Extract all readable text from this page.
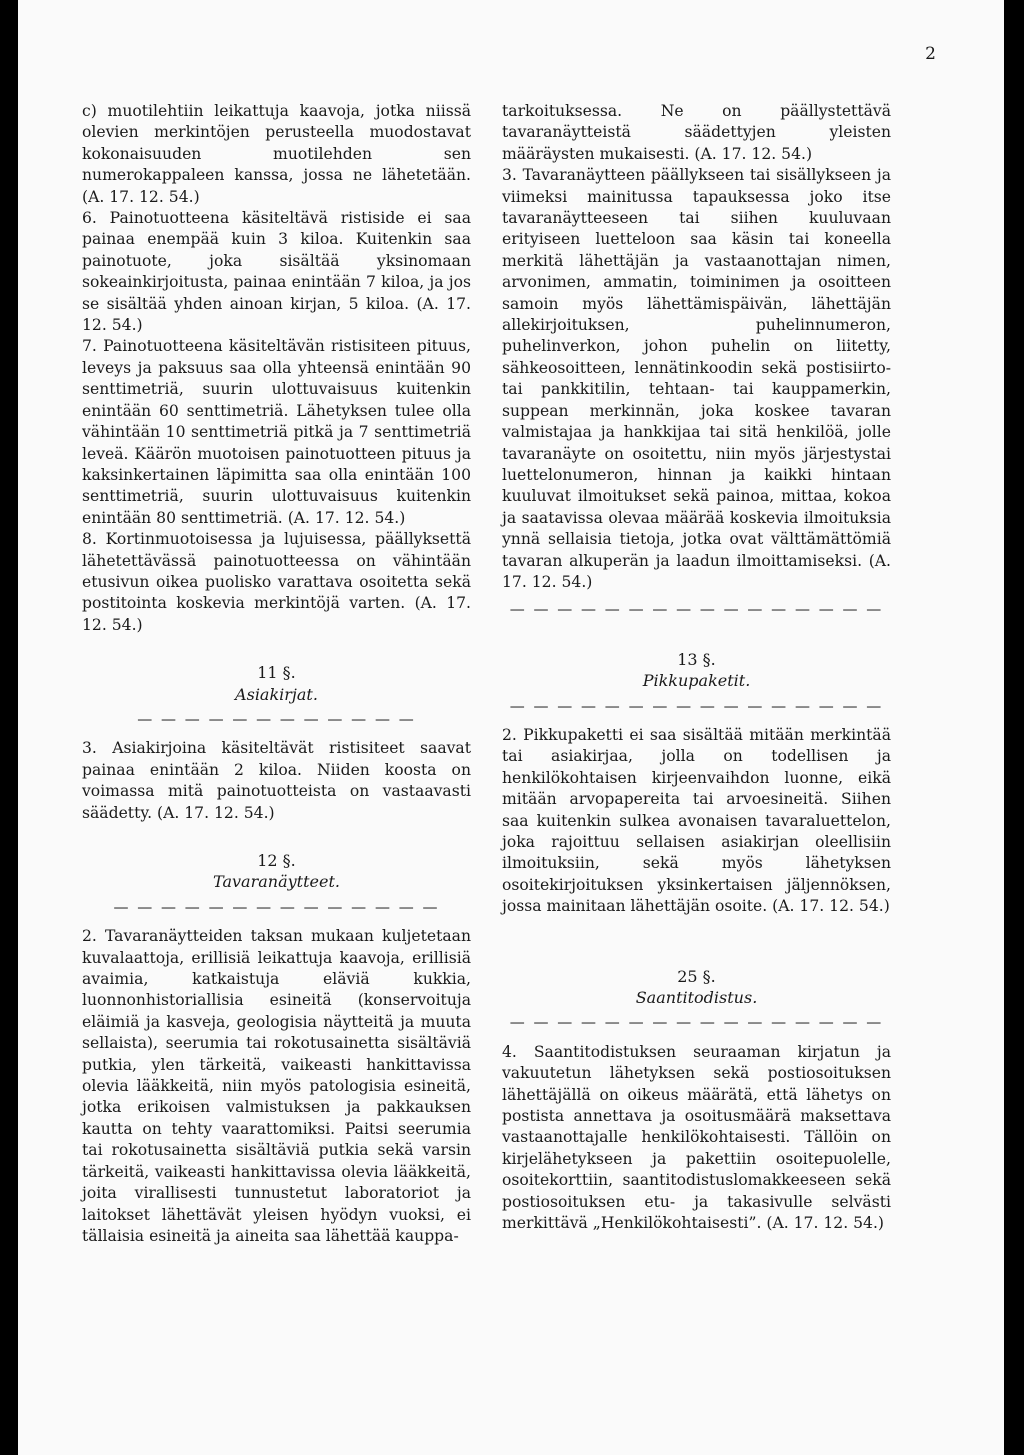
2

c) muotilehtiin leikattuja kaavoja, jotka niissä olevien merkintöjen perusteella muodostavat kokonaisuuden muotilehden sen numerokappaleen kanssa, jossa ne lähetetään. (A. 17. 12. 54.)

6. Painotuotteena käsiteltävä ristiside ei saa painaa enempää kuin 3 kiloa. Kuitenkin saa painotuote, joka sisältää yksinomaan sokeainkirjoitusta, painaa enintään 7 kiloa, ja jos se sisältää yhden ainoan kirjan, 5 kiloa. (A. 17. 12. 54.)

7. Painotuotteena käsiteltävän ristisiteen pituus, leveys ja paksuus saa olla yhteensä enintään 90 senttimetriä, suurin ulottuvaisuus kuitenkin enintään 60 senttimetriä. Lähetyksen tulee olla vähintään 10 senttimetriä pitkä ja 7 senttimetriä leveä. Käärön muotoisen painotuotteen pituus ja kaksinkertainen läpimitta saa olla enintään 100 senttimetriä, suurin ulottuvaisuus kuitenkin enintään 80 senttimetriä. (A. 17. 12. 54.)

8. Kortinmuotoisessa ja lujuisessa, päällyksettä lähetettävässä painotuotteessa on vähintään etusivun oikea puolisko varattava osoitetta sekä postitointa koskevia merkintöjä varten. (A. 17. 12. 54.)

11 §.
Asiakirjat.
— — — — — — — — — — — —

3. Asiakirjoina käsiteltävät ristisiteet saavat painaa enintään 2 kiloa. Niiden koosta on voimassa mitä painotuotteista on vastaavasti säädetty. (A. 17. 12. 54.)

12 §.
Tavaranäytteet.
— — — — — — — — — — — — — —

2. Tavaranäytteiden taksan mukaan kuljetetaan kuvalaattoja, erillisiä leikattuja kaavoja, erillisiä avaimia, katkaistuja eläviä kukkia, luonnonhistoriallisia esineitä (konservoituja eläimiä ja kasveja, geologisia näytteitä ja muuta sellaista), seerumia tai rokotusainetta sisältäviä putkia, ylen tärkeitä, vaikeasti hankittavissa olevia lääkkeitä, niin myös patologisia esineitä, jotka erikoisen valmistuksen ja pakkauksen kautta on tehty vaarattomiksi. Paitsi seerumia tai rokotusainetta sisältäviä putkia sekä varsin tärkeitä, vaikeasti hankittavissa olevia lääkkeitä, joita virallisesti tunnustetut laboratoriot ja laitokset lähettävät yleisen hyödyn vuoksi, ei tällaisia esineitä ja aineita saa lähettää kauppa-

tarkoituksessa. Ne on päällystettävä tavaranäytteistä säädettyjen yleisten määräysten mukaisesti. (A. 17. 12. 54.)

3. Tavaranäytteen päällykseen tai sisällykseen ja viimeksi mainitussa tapauksessa joko itse tavaranäytteeseen tai siihen kuuluvaan erityiseen luetteloon saa käsin tai koneella merkitä lähettäjän ja vastaanottajan nimen, arvonimen, ammatin, toiminimen ja osoitteen samoin myös lähettämispäivän, lähettäjän allekirjoituksen, puhelinnumeron, puhelinverkon, johon puhelin on liitetty, sähkeosoitteen, lennätinkoodin sekä postisiirto- tai pankkitilin, tehtaan- tai kauppamerkin, suppean merkinnän, joka koskee tavaran valmistajaa ja hankkijaa tai sitä henkilöä, jolle tavaranäyte on osoitettu, niin myös järjestystai luettelonumeron, hinnan ja kaikki hintaan kuuluvat ilmoitukset sekä painoa, mittaa, kokoa ja saatavissa olevaa määrää koskevia ilmoituksia ynnä sellaisia tietoja, jotka ovat välttämättömiä tavaran alkuperän ja laadun ilmoittamiseksi. (A. 17. 12. 54.)

— — — — — — — — — — — — — — — —
13 §.
Pikkupaketit.
— — — — — — — — — — — — — — — —

2. Pikkupaketti ei saa sisältää mitään merkintää tai asiakirjaa, jolla on todellisen ja henkilökohtaisen kirjeenvaihdon luonne, eikä mitään arvopapereita tai arvoesineitä. Siihen saa kuitenkin sulkea avonaisen tavaraluettelon, joka rajoittuu sellaisen asiakirjan oleellisiin ilmoituksiin, sekä myös lähetyksen osoitekirjoituksen yksinkertaisen jäljennöksen, jossa mainitaan lähettäjän osoite. (A. 17. 12. 54.)

25 §.
Saantitodistus.
— — — — — — — — — — — — — — — —

4. Saantitodistuksen seuraaman kirjatun ja vakuutetun lähetyksen sekä postiosoituksen lähettäjällä on oikeus määrätä, että lähetys on postista annettava ja osoitusmäärä maksettava vastaanottajalle henkilökohtaisesti. Tällöin on kirjelähetykseen ja pakettiin osoitepuolelle, osoitekorttiin, saantitodistuslomakkeeseen sekä postiosoituksen etu- ja takasivulle selvästi merkittävä „Henkilökohtaisesti”. (A. 17. 12. 54.)
